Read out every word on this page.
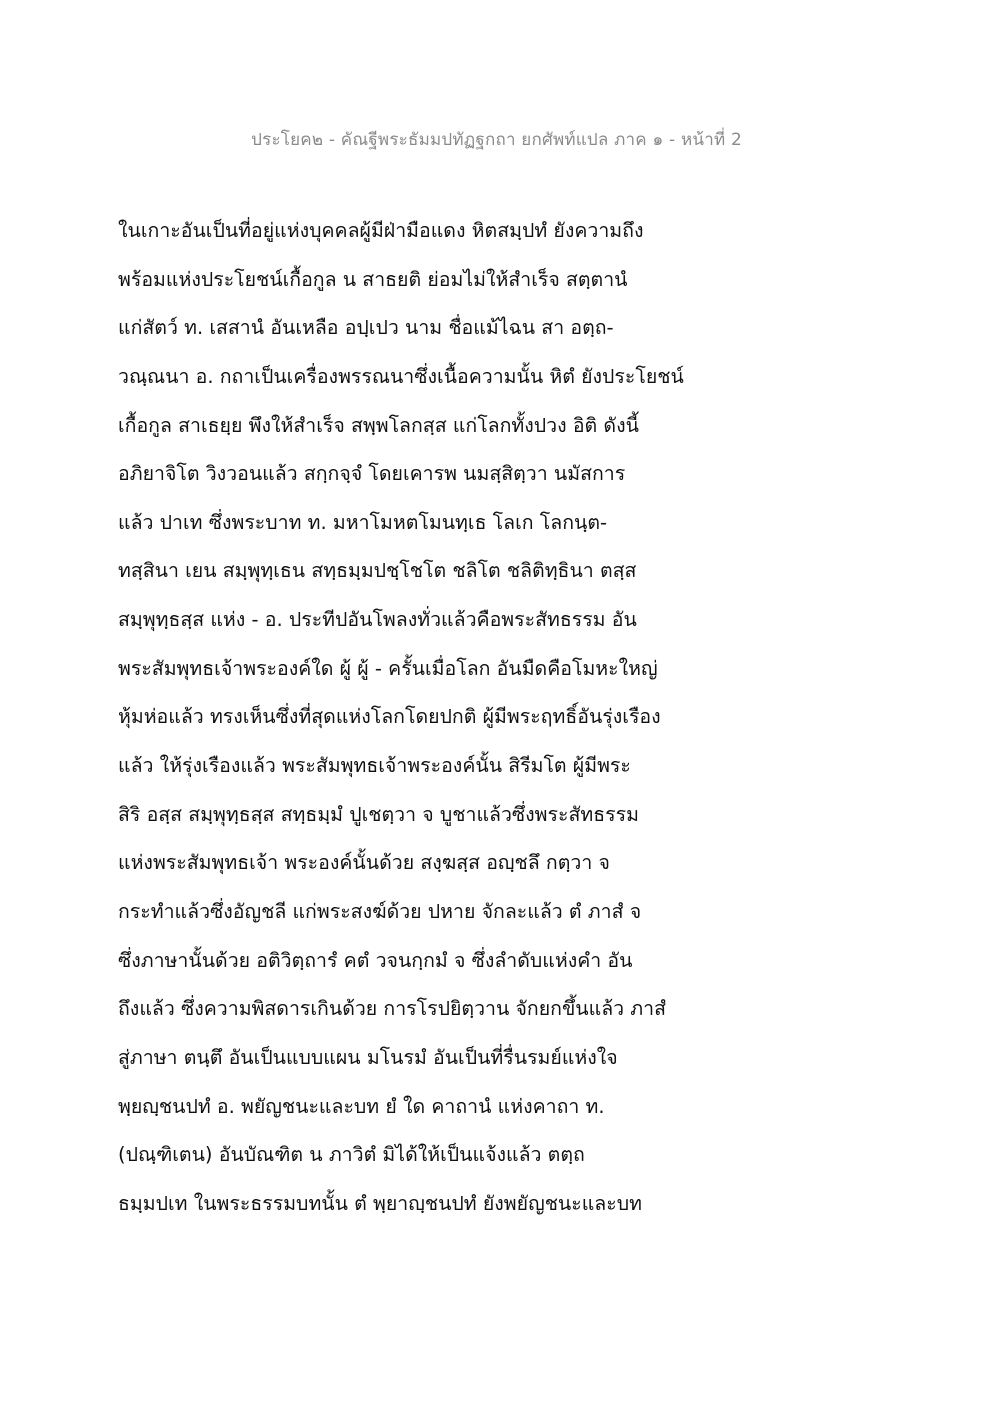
ประโยค๒ - คัณฐีพระธัมมปทัฏฐกถา ยกศัพท์แปล ภาค ๑ - หน้าที่ 2
ในเกาะอันเป็นที่อยู่แห่งบุคคลผู้มีฝ่ามือแดง หิตสมฺปทํ ยังความถึง
พร้อมแห่งประโยชน์เกื้อกูล น สาธยติ ย่อมไม่ให้สำเร็จ สตฺตานํ
แก่สัตว์ ท. เสสานํ อันเหลือ อปฺเปว นาม ชื่อแม้ไฉน สา อตฺถ-
วณฺณนา อ. กถาเป็นเครื่องพรรณนาซึ่งเนื้อความนั้น หิตํ ยังประโยชน์
เกื้อกูล สาเธยฺย พึงให้สำเร็จ สพฺพโลกสฺส แก่โลกทั้งปวง อิติ ดังนี้
อภิยาจิโต วิงวอนแล้ว สกฺกจฺจํ โดยเคารพ นมสฺสิตฺวา นมัสการ
แล้ว ปาเท ซึ่งพระบาท ท. มหาโมหตโมนทฺเธ โลเก โลกนฺต-
ทสฺสินา เยน สมฺพุทฺเธน สทฺธมฺมปชฺโชโต ชลิโต ชลิติทฺธินา ตสฺส
สมฺพุทฺธสฺส แห่ง - อ. ประทีปอันโพลงทั่วแล้วคือพระสัทธรรม อัน
พระสัมพุทธเจ้าพระองค์ใด ผู้ ผู้ - ครั้นเมื่อโลก อันมืดคือโมหะใหญ่
หุ้มห่อแล้ว ทรงเห็นซึ่งที่สุดแห่งโลกโดยปกติ ผู้มีพระฤทธิ์อันรุ่งเรือง
แล้ว ให้รุ่งเรืองแล้ว พระสัมพุทธเจ้าพระองค์นั้น สิรีมโต ผู้มีพระ
สิริ อสฺส สมฺพุทฺธสฺส สทฺธมฺมํ ปูเชตฺวา จ บูชาแล้วซึ่งพระสัทธรรม
แห่งพระสัมพุทธเจ้า พระองค์นั้นด้วย สงฺฆสฺส อญฺชลึ กตฺวา จ
กระทำแล้วซึ่งอัญชลี แก่พระสงฆ์ด้วย ปหาย จักละแล้ว ตํ ภาสํ จ
ซึ่งภาษานั้นด้วย อติวิตฺถารํ คตํ วจนกฺกมํ จ ซึ่งลำดับแห่งคำ อัน
ถึงแล้ว ซึ่งความพิสดารเกินด้วย การโรปยิตฺวาน จักยกขึ้นแล้ว ภาสํ
สู่ภาษา ตนฺตึ อันเป็นแบบแผน มโนรมํ อันเป็นที่รื่นรมย์แห่งใจ
พฺยญฺชนปทํ อ. พยัญชนะและบท ยํ ใด คาถานํ แห่งคาถา ท.
(ปณฺฑิเตน) อันบัณฑิต น ภาวิตํ มิได้ให้เป็นแจ้งแล้ว ตตฺถ
ธมฺมปเท ในพระธรรมบทนั้น ตํ พฺยาญฺชนปทํ ยังพยัญชนะและบท
